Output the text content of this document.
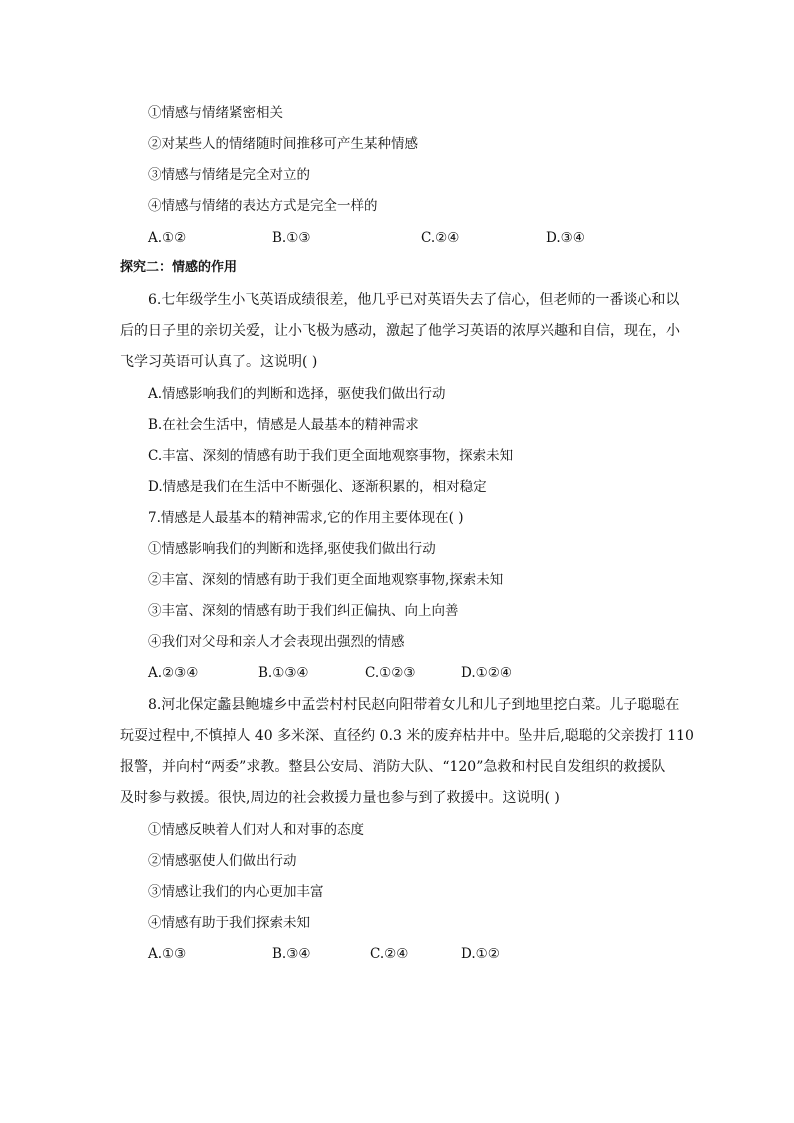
①情感与情绪紧密相关
②对某些人的情绪随时间推移可产生某种情感
③情感与情绪是完全对立的
④情感与情绪的表达方式是完全一样的
A.①②	B.①③	C.②④	D.③④
探究二：情感的作用
6.七年级学生小飞英语成绩很差，他几乎已对英语失去了信心，但老师的一番谈心和以
后的日子里的亲切关爱，让小飞极为感动，激起了他学习英语的浓厚兴趣和自信，现在，小
飞学习英语可认真了。这说明( )
A.情感影响我们的判断和选择，驱使我们做出行动
B.在社会生活中，情感是人最基本的精神需求
C.丰富、深刻的情感有助于我们更全面地观察事物，探索未知
D.情感是我们在生活中不断强化、逐渐积累的，相对稳定
7.情感是人最基本的精神需求,它的作用主要体现在( )
①情感影响我们的判断和选择,驱使我们做出行动
②丰富、深刻的情感有助于我们更全面地观察事物,探索未知
③丰富、深刻的情感有助于我们纠正偏执、向上向善
④我们对父母和亲人才会表现出强烈的情感
A.②③④	B.①③④	C.①②③	D.①②④
8.河北保定蠡县鲍墟乡中孟尝村村民赵向阳带着女儿和儿子到地里挖白菜。儿子聪聪在
玩耍过程中,不慎掉人 40 多米深、直径约 0.3 米的废弃枯井中。坠井后,聪聪的父亲拨打 110
报警，并向村“两委”求教。整县公安局、消防大队、“120”急救和村民自发组织的救援队
及时参与救援。很快,周边的社会救援力量也参与到了救援中。这说明( )
①情感反映着人们对人和对事的态度
②情感驱使人们做出行动
③情感让我们的内心更加丰富
④情感有助于我们探索未知
A.①③	B.③④	C.②④	D.①②
